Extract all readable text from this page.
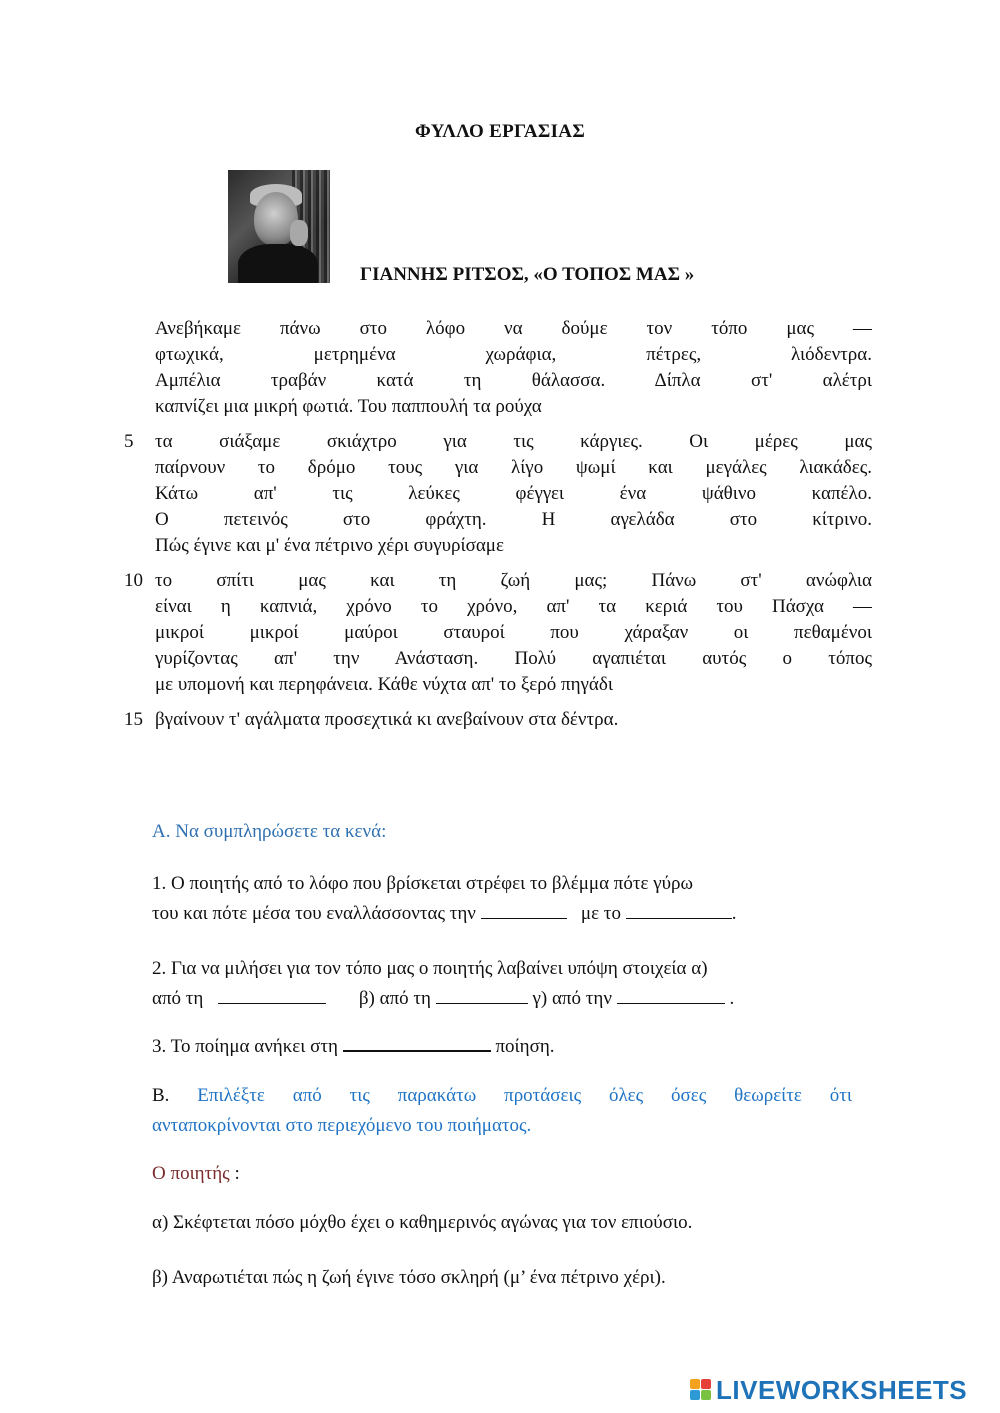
ΦΥΛΛΟ ΕΡΓΑΣΙΑΣ
ΓΙΑΝΝΗΣ ΡΙΤΣΟΣ, «Ο ΤΟΠΟΣ ΜΑΣ »
Ανεβήκαμε πάνω στο λόφο να δούμε τον τόπο μας —
φτωχικά, μετρημένα χωράφια, πέτρες, λιόδεντρα.
Αμπέλια τραβάν κατά τη θάλασσα. Δίπλα στ' αλέτρι
καπνίζει μια μικρή φωτιά. Του παππουλή τα ρούχα
5	τα σιάξαμε σκιάχτρο για τις κάργιες. Οι μέρες μας
παίρνουν το δρόμο τους για λίγο ψωμί και μεγάλες λιακάδες.
Κάτω απ' τις λεύκες φέγγει ένα ψάθινο καπέλο.
Ο πετεινός στο φράχτη. Η αγελάδα στο κίτρινο.
Πώς έγινε και μ' ένα πέτρινο χέρι συγυρίσαμε
10 το σπίτι μας και τη ζωή μας; Πάνω στ' ανώφλια
είναι η καπνιά, χρόνο το χρόνο, απ' τα κεριά του Πάσχα —
μικροί μικροί μαύροι σταυροί που χάραξαν οι πεθαμένοι
γυρίζοντας απ' την Ανάσταση. Πολύ αγαπιέται αυτός ο τόπος
με υπομονή και περηφάνεια. Κάθε νύχτα απ' το ξερό πηγάδι
15 βγαίνουν τ' αγάλματα προσεχτικά κι ανεβαίνουν στα δέντρα.
Α. Να συμπληρώσετε τα κενά:
1. Ο ποιητής από το λόφο που βρίσκεται στρέφει το βλέμμα πότε γύρω
του και πότε μέσα του εναλλάσσοντας την	με το	.
2. Για να μιλήσει για τον τόπο μας ο ποιητής λαβαίνει υπόψη στοιχεία α)
από τη	β) από τη	γ) από την	.
3. Το ποίημα ανήκει στη	ποίηση.
Β. Επιλέξτε από τις παρακάτω προτάσεις όλες όσες θεωρείτε ότι
ανταποκρίνονται στο περιεχόμενο του ποιήματος.
Ο ποιητής :
α) Σκέφτεται πόσο μόχθο έχει ο καθημερινός αγώνας για τον επιούσιο.
β) Αναρωτιέται πώς η ζωή έγινε τόσο σκληρή (μ’ ένα πέτρινο χέρι).
LIVEWORKSHEETS
